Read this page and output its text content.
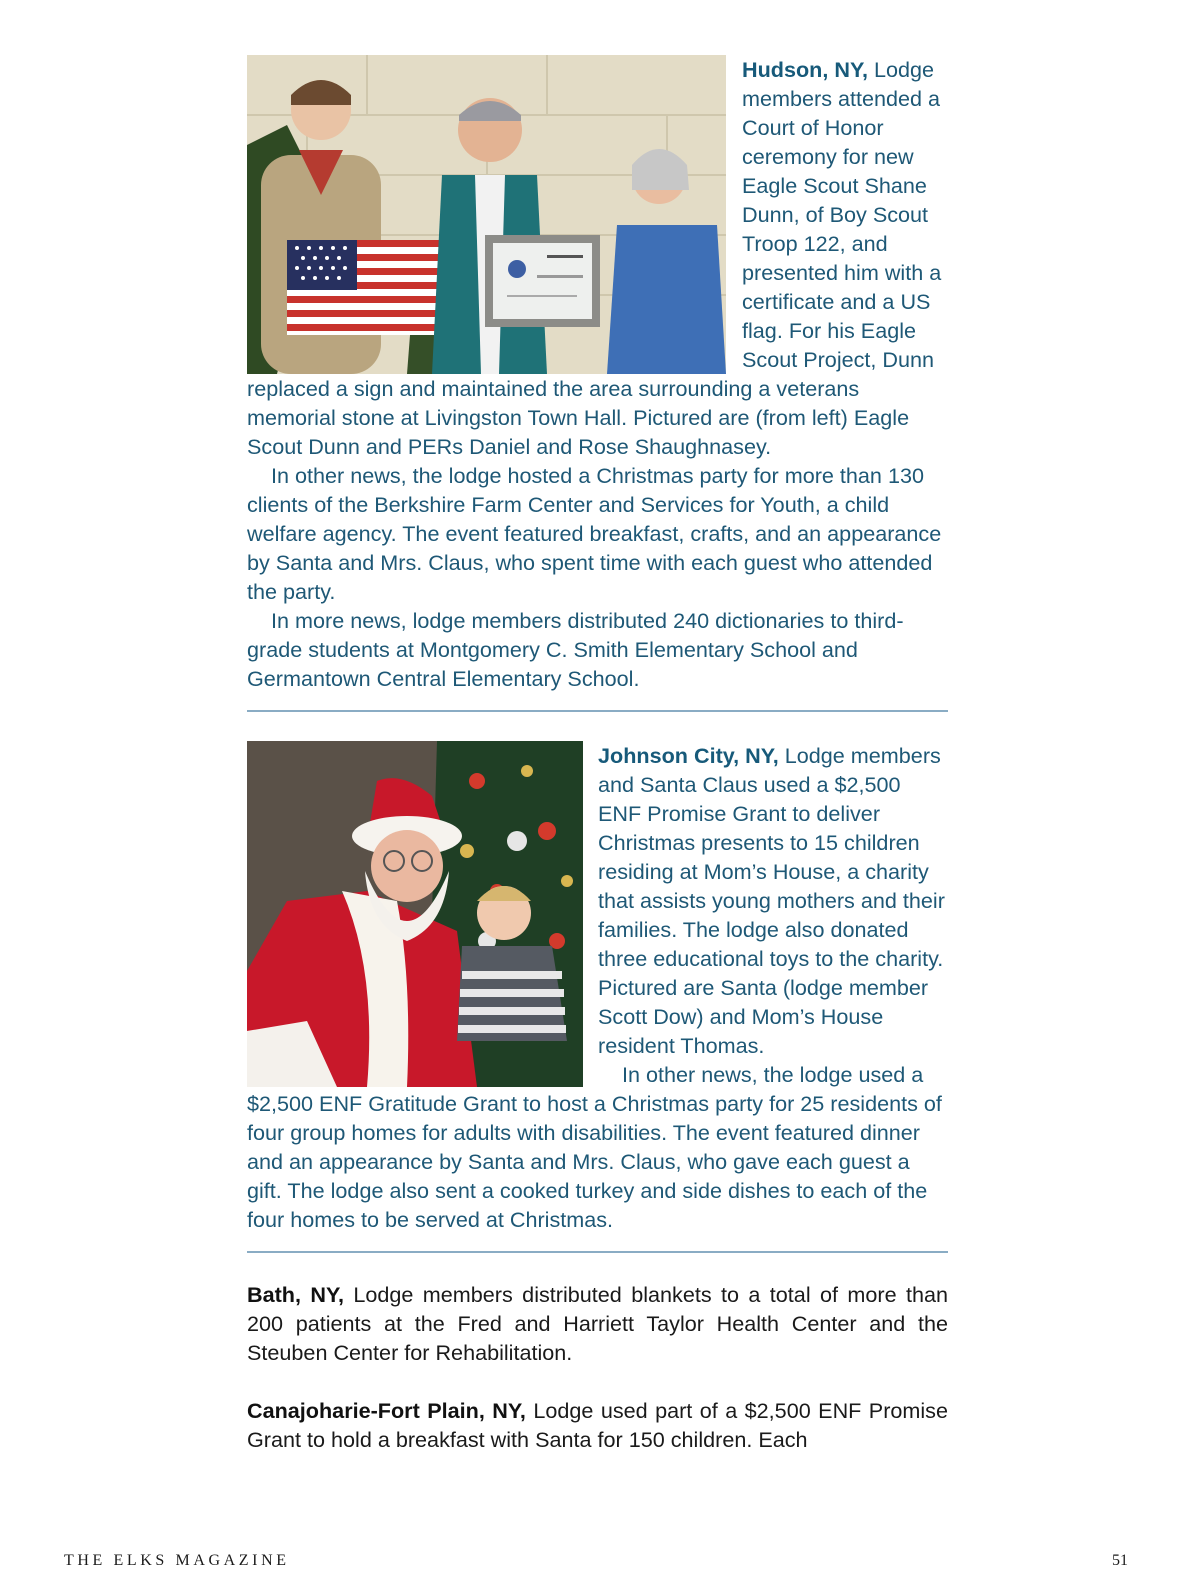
Hudson, NY, Lodge members attended a Court of Honor ceremony for new Eagle Scout Shane Dunn, of Boy Scout Troop 122, and presented him with a certificate and a US flag. For his Eagle Scout Project, Dunn replaced a sign and maintained the area surrounding a veterans memorial stone at Livingston Town Hall. Pictured are (from left) Eagle Scout Dunn and PERs Daniel and Rose Shaughnasey.

In other news, the lodge hosted a Christmas party for more than 130 clients of the Berkshire Farm Center and Services for Youth, a child welfare agency. The event featured breakfast, crafts, and an appearance by Santa and Mrs. Claus, who spent time with each guest who attended the party.

In more news, lodge members distributed 240 dictionaries to third-grade students at Montgomery C. Smith Elementary School and Germantown Central Elementary School.

Johnson City, NY, Lodge members and Santa Claus used a $2,500 ENF Promise Grant to deliver Christmas presents to 15 children residing at Mom’s House, a charity that assists young mothers and their families. The lodge also donated three educational toys to the charity. Pictured are Santa (lodge member Scott Dow) and Mom’s House resident Thomas.

In other news, the lodge used a $2,500 ENF Gratitude Grant to host a Christmas party for 25 residents of four group homes for adults with disabilities. The event featured dinner and an appearance by Santa and Mrs. Claus, who gave each guest a gift. The lodge also sent a cooked turkey and side dishes to each of the four homes to be served at Christmas.

Bath, NY, Lodge members distributed blankets to a total of more than 200 patients at the Fred and Harriett Taylor Health Center and the Steuben Center for Rehabilitation.

Canajoharie-Fort Plain, NY, Lodge used part of a $2,500 ENF Promise Grant to hold a breakfast with Santa for 150 children. Each

THE ELKS MAGAZINE	51
